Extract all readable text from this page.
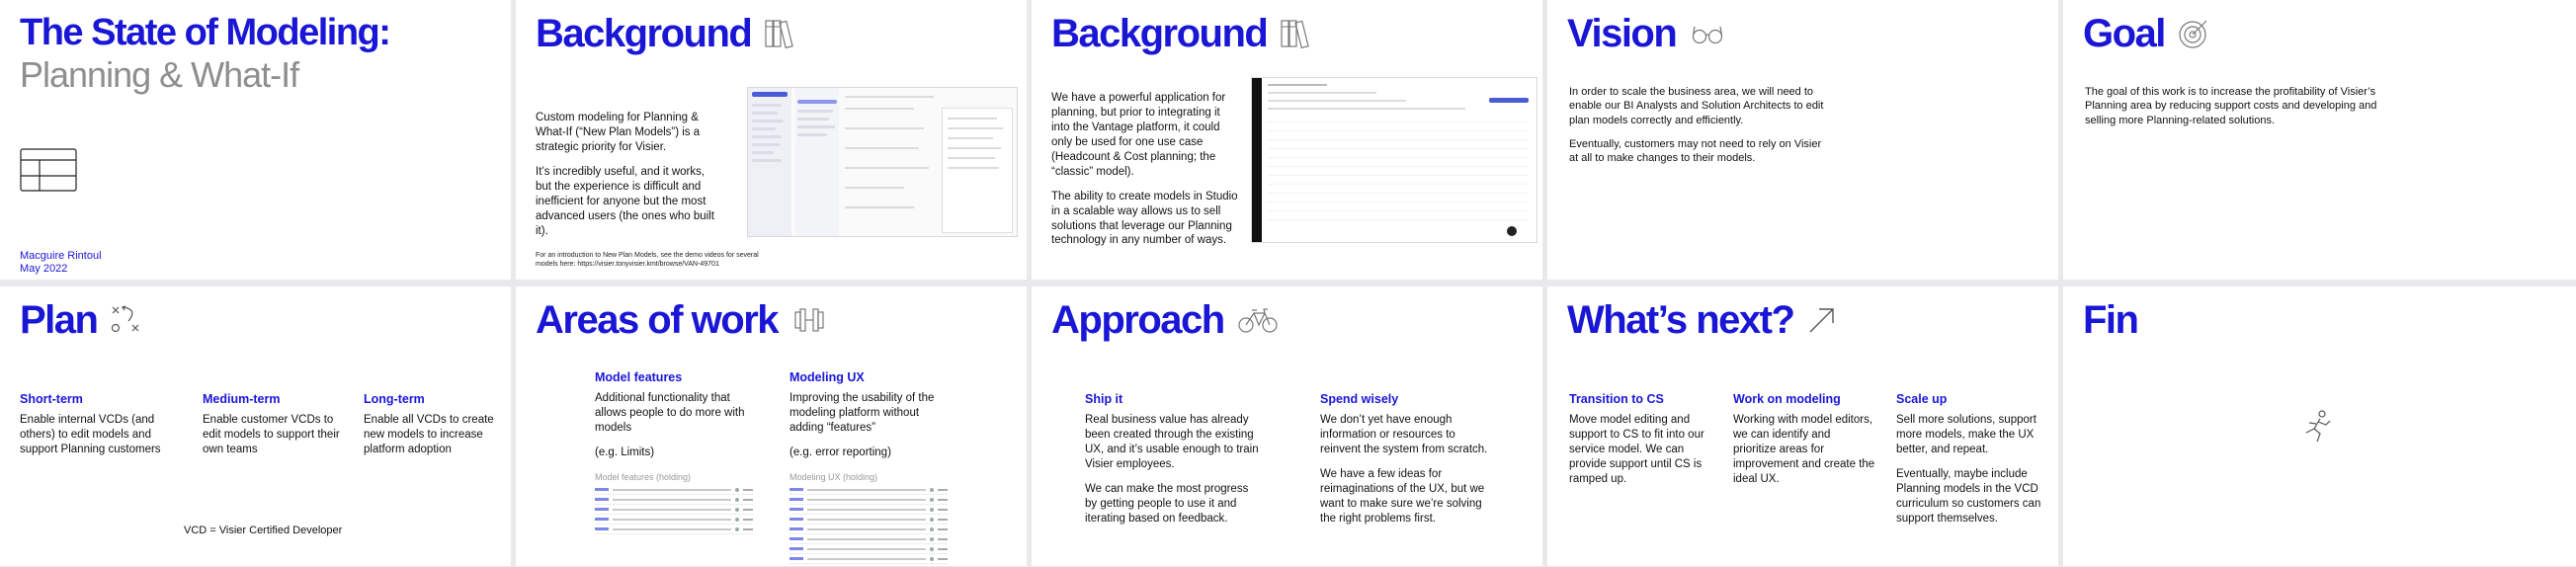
The State of Modeling:
Planning & What-If
Macguire Rintoul
May 2022
Background

Custom modeling for Planning & What-If (“New Plan Models”) is a strategic priority for Visier.

It’s incredibly useful, and it works, but the experience is difficult and inefficient for anyone but the most advanced users (the ones who built it).

For an introduction to New Plan Models, see the demo videos for several
models here: https://visier.tonyvisier.kmt/browse/VAN-49701
Background

We have a powerful application for planning, but prior to integrating it into the Vantage platform, it could only be used for one use case (Headcount & Cost planning; the “classic” model).

The ability to create models in Studio in a scalable way allows us to sell solutions that leverage our Planning technology in any number of ways.

Vision

In order to scale the business area, we will need to enable our BI Analysts and Solution Architects to edit plan models correctly and efficiently.

Eventually, customers may not need to rely on Visier at all to make changes to their models.

Goal

The goal of this work is to increase the profitability of Visier’s Planning area by reducing support costs and developing and selling more Planning-related solutions.

Plan
Short-term
Enable internal VCDs (and others) to edit models and support Planning customers
Medium-term
Enable customer VCDs to edit models to support their own teams
Long-term
Enable all VCDs to create new models to increase platform adoption
VCD = Visier Certified Developer
Areas of work
Model features

Additional functionality that allows people to do more with models

(e.g. Limits)

Modeling UX

Improving the usability of the modeling platform without adding “features”

(e.g. error reporting)

Model features (holding)	Modeling UX (holding)
Approach
Ship it

Real business value has already been created through the existing UX, and it’s usable enough to train Visier employees.

We can make the most progress by getting people to use it and iterating based on feedback.

Spend wisely

We don’t yet have enough information or resources to reinvent the system from scratch.

We have a few ideas for reimaginations of the UX, but we want to make sure we’re solving the right problems first.

What’s next?
Transition to CS

Move model editing and support to CS to fit into our service model. We can provide support until CS is ramped up.

Work on modeling

Working with model editors, we can identify and prioritize areas for improvement and create the ideal UX.

Scale up

Sell more solutions, support more models, make the UX better, and repeat.

Eventually, maybe include Planning models in the VCD curriculum so customers can support themselves.

Fin
